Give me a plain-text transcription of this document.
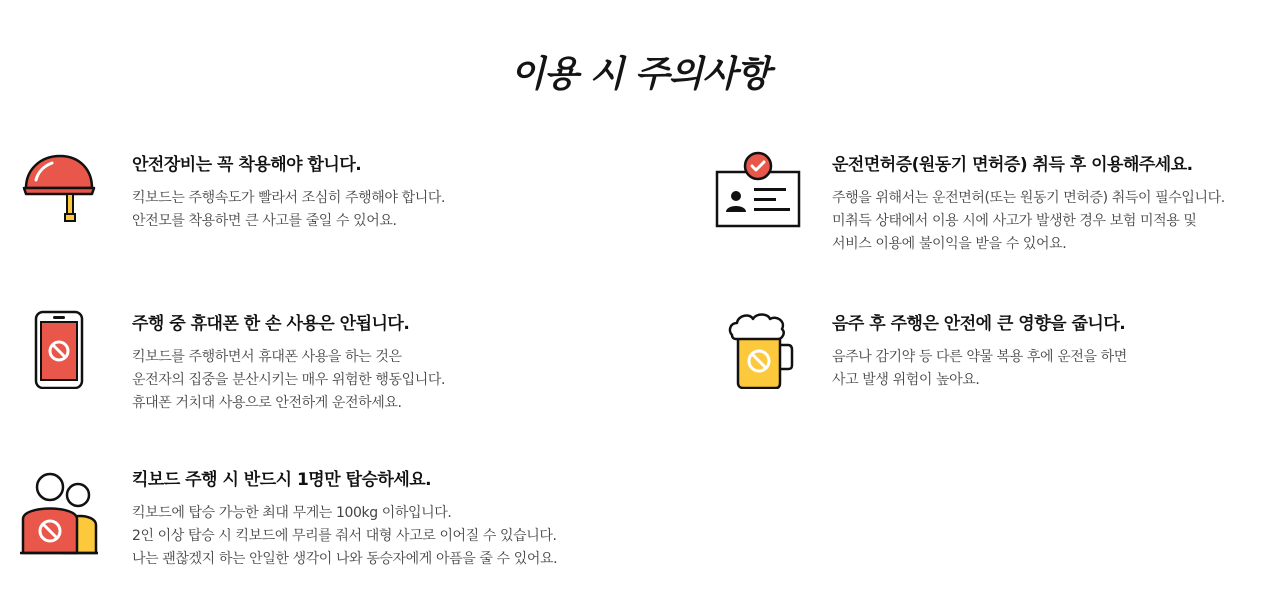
이용 시 주의사항
안전장비는 꼭 착용해야 합니다.

킥보드는 주행속도가 빨라서 조심히 주행해야 합니다.

안전모를 착용하면 큰 사고를 줄일 수 있어요.

운전면허증(원동기 면허증) 취득 후 이용해주세요.

주행을 위해서는 운전면허(또는 원동기 면허증) 취득이 필수입니다.

미취득 상태에서 이용 시에 사고가 발생한 경우 보험 미적용 및

서비스 이용에 불이익을 받을 수 있어요.

주행 중 휴대폰 한 손 사용은 안됩니다.

킥보드를 주행하면서 휴대폰 사용을 하는 것은

운전자의 집중을 분산시키는 매우 위험한 행동입니다.

휴대폰 거치대 사용으로 안전하게 운전하세요.

음주 후 주행은 안전에 큰 영향을 줍니다.

음주나 감기약 등 다른 약물 복용 후에 운전을 하면

사고 발생 위험이 높아요.

킥보드 주행 시 반드시 1명만 탑승하세요.

킥보드에 탑승 가능한 최대 무게는 100kg 이하입니다.

2인 이상 탑승 시 킥보드에 무리를 줘서 대형 사고로 이어질 수 있습니다.

나는 괜찮겠지 하는 안일한 생각이 나와 동승자에게 아픔을 줄 수 있어요.
